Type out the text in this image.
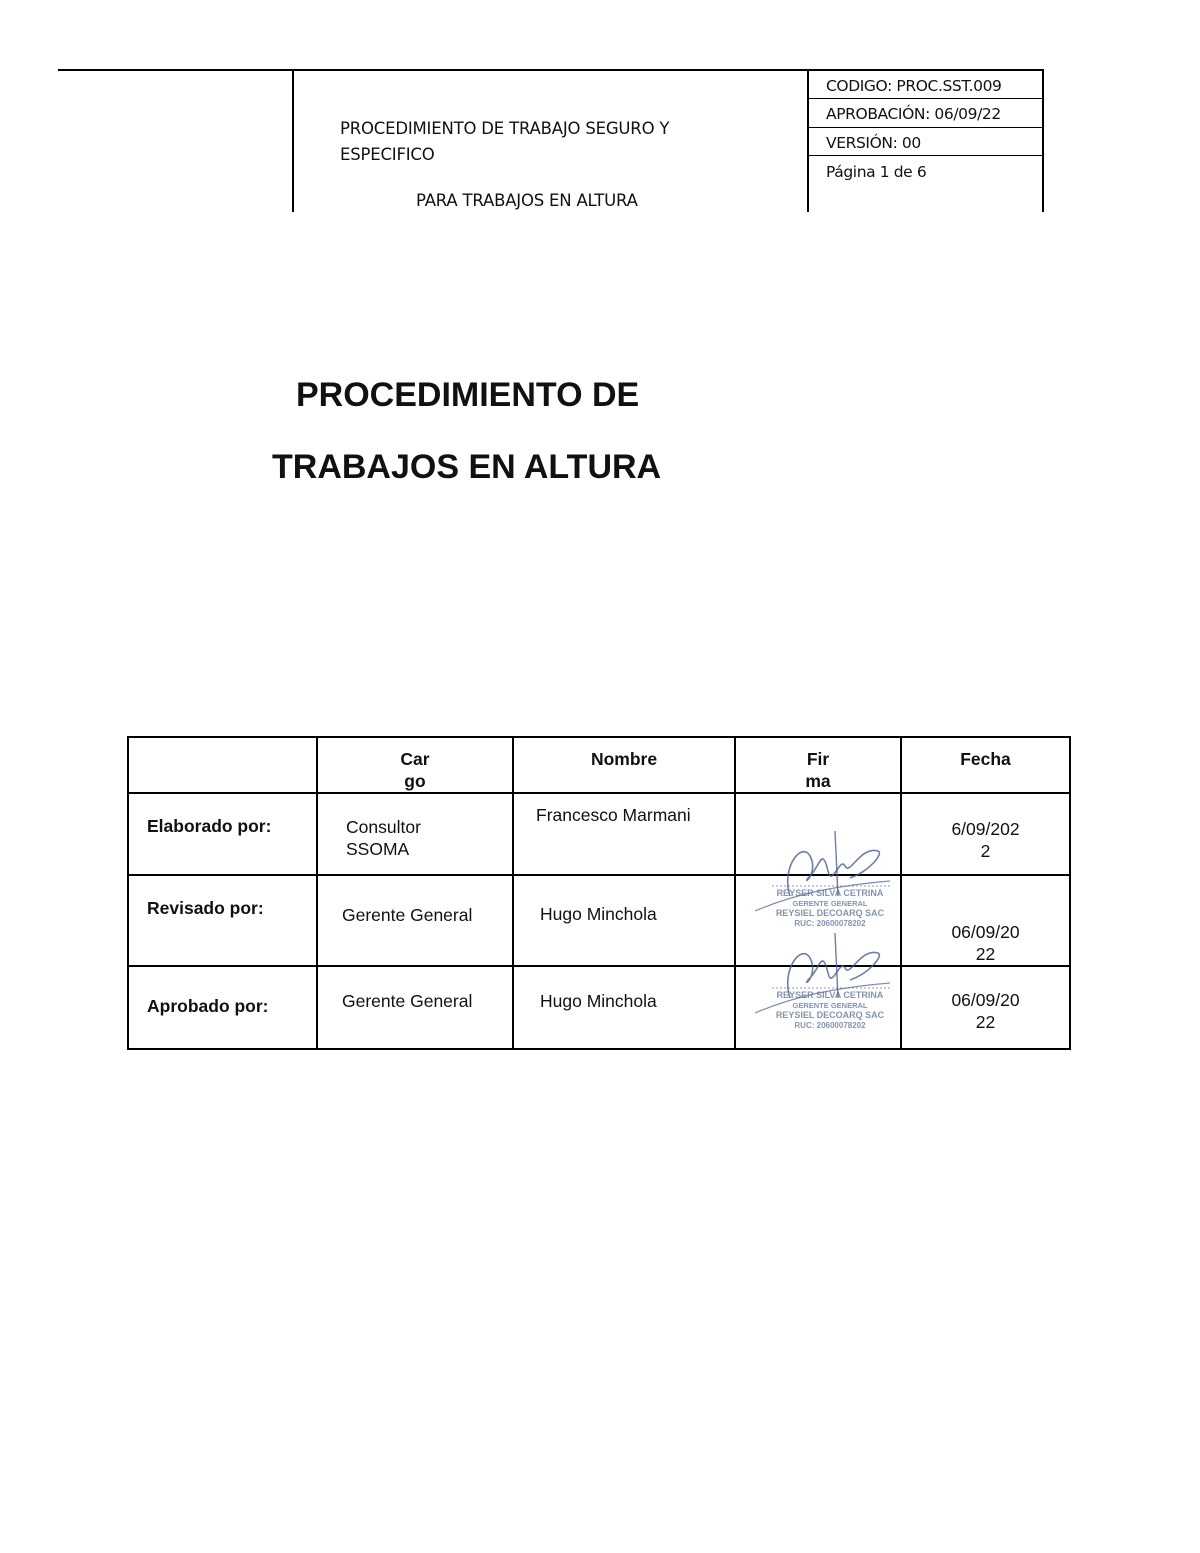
PROCEDIMIENTO DE TRABAJO SEGURO Y ESPECIFICO
PARA TRABAJOS EN ALTURA
CODIGO: PROC.SST.009
APROBACIÓN: 06/09/22
VERSIÓN: 00
Página 1 de 6
PROCEDIMIENTO DE
TRABAJOS EN ALTURA

	Car
go	Nombre	Fir
ma	Fecha

Elaborado por:	Consultor
SSOMA	Francesco Marmani		6/09/202
2

Revisado por:	Gerente General	Hugo Minchola		06/09/20
22

Aprobado por:	Gerente General	Hugo Minchola		06/09/20
22
REYSER SILVA CETRINA
GERENTE GENERAL
REYSIEL DECOARQ SAC
RUC: 20600078202
REYSER SILVA CETRINA
GERENTE GENERAL
REYSIEL DECOARQ SAC
RUC: 20600078202
